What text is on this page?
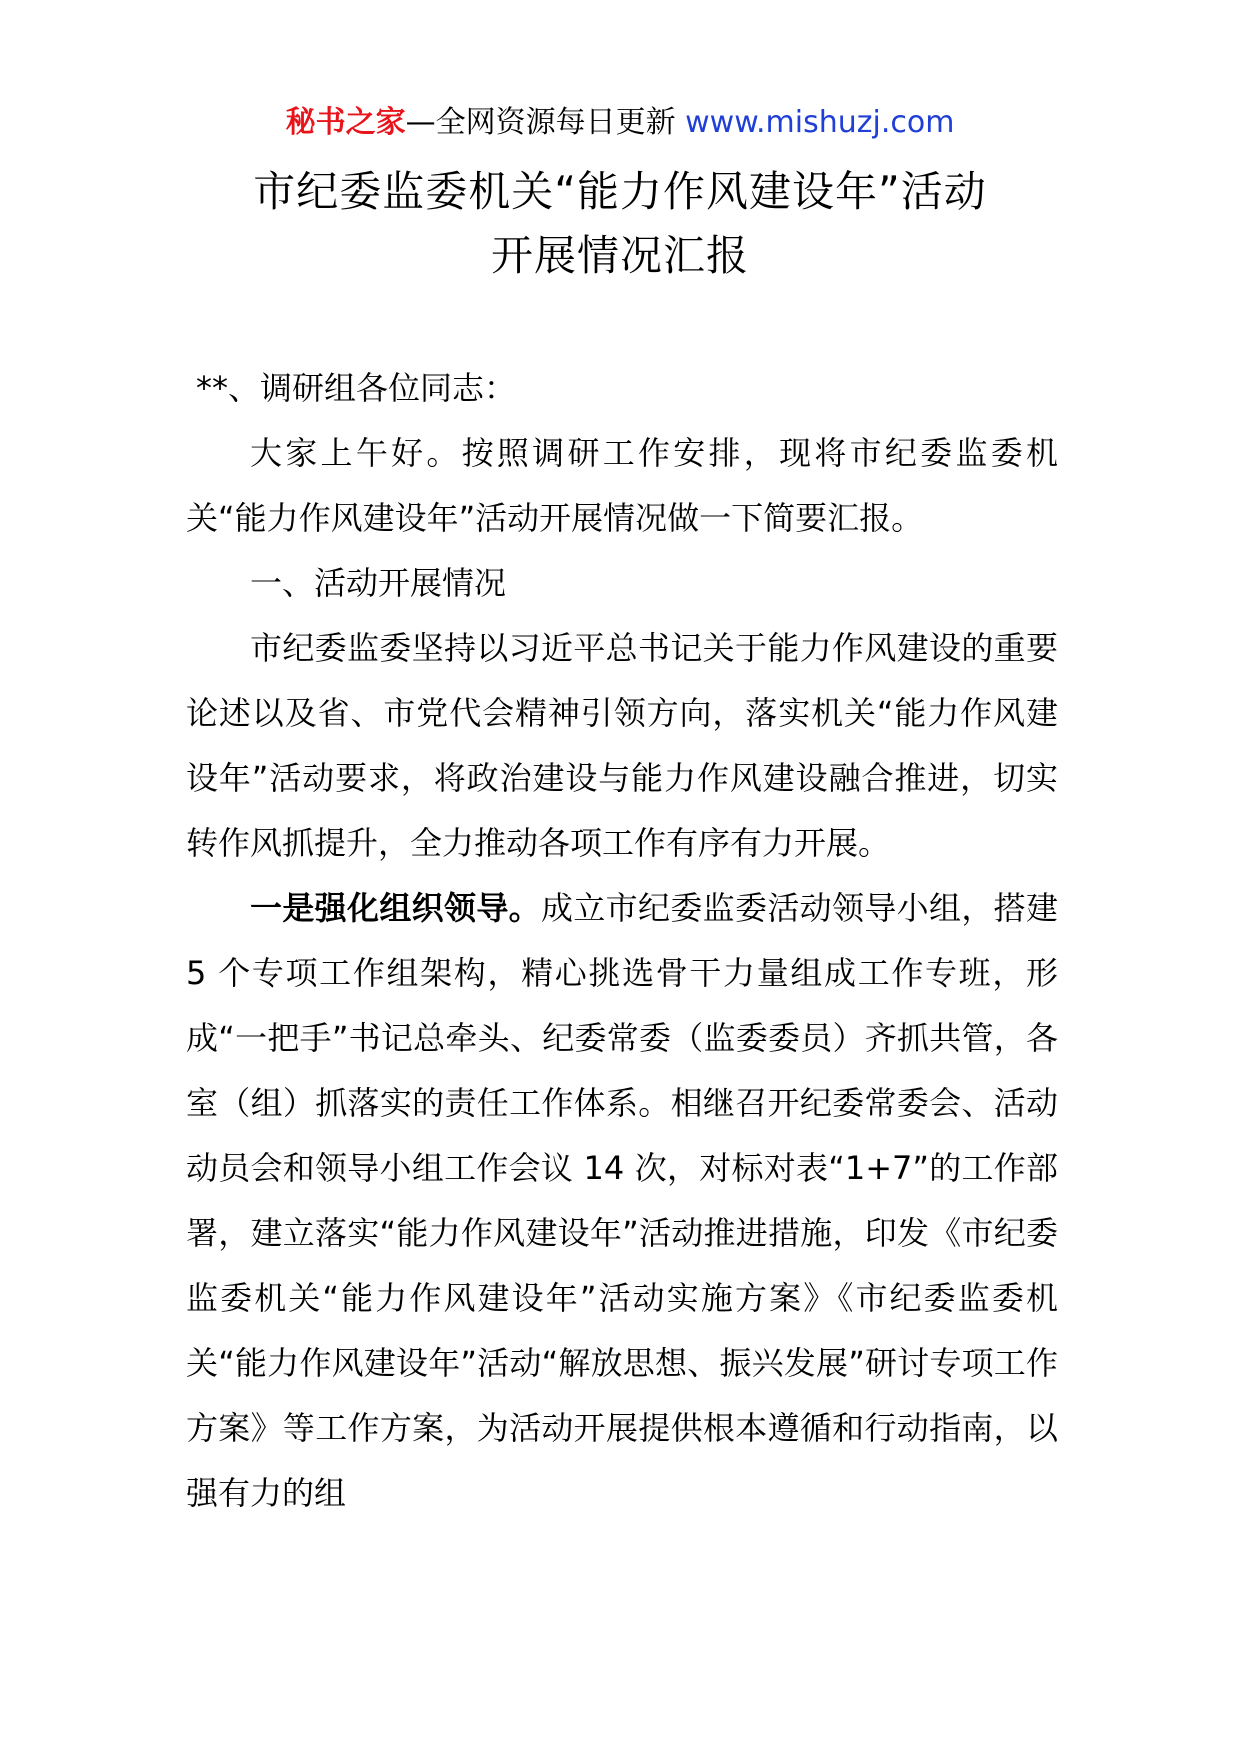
秘书之家—全网资源每日更新 www.mishuzj.com
市纪委监委机关“能力作风建设年”活动
开展情况汇报

**、调研组各位同志：

大家上午好。按照调研工作安排，现将市纪委监委机关“能力作风建设年”活动开展情况做一下简要汇报。

一、活动开展情况

市纪委监委坚持以习近平总书记关于能力作风建设的重要论述以及省、市党代会精神引领方向，落实机关“能力作风建设年”活动要求，将政治建设与能力作风建设融合推进，切实转作风抓提升，全力推动各项工作有序有力开展。

一是强化组织领导。成立市纪委监委活动领导小组，搭建 5 个专项工作组架构，精心挑选骨干力量组成工作专班，形成“一把手”书记总牵头、纪委常委（监委委员）齐抓共管，各室（组）抓落实的责任工作体系。相继召开纪委常委会、活动动员会和领导小组工作会议 14 次，对标对表“1+7”的工作部署，建立落实“能力作风建设年”活动推进措施，印发《市纪委监委机关“能力作风建设年”活动实施方案》《市纪委监委机关“能力作风建设年”活动“解放思想、振兴发展”研讨专项工作方案》等工作方案，为活动开展提供根本遵循和行动指南，以强有力的组
